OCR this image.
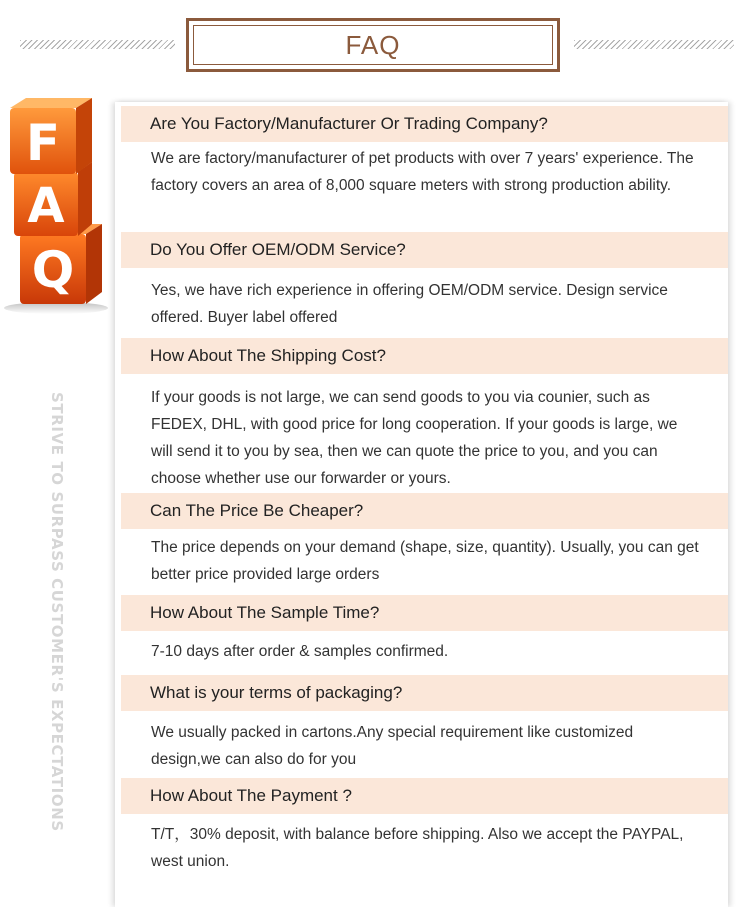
FAQ
Q
A
F
STRIVE TO SURPASS CUSTOMER'S EXPECTATIONS
Are You Factory/Manufacturer Or Trading Company?
We are factory/manufacturer of pet products with over 7 years' experience. The factory covers an area of 8,000 square meters with strong production ability.
Do You Offer OEM/ODM Service?
Yes, we have rich experience in offering OEM/ODM service. Design service offered. Buyer label offered
How About The Shipping Cost?
If your goods is not large, we can send goods to you via counier, such as FEDEX, DHL, with good price for long cooperation. If your goods is large, we will send it to you by sea, then we can quote the price to you, and you can choose whether use our forwarder or yours.
Can The Price Be Cheaper?
The price depends on your demand (shape, size, quantity). Usually, you can get better price provided large orders
How About The Sample Time?
7-10 days after order & samples confirmed.
What is your terms of packaging?
We usually packed in cartons.Any special requirement like customized design,we can also do for you
How About The Payment ?
T/T，30% deposit, with balance before shipping. Also we accept the PAYPAL, west union.
